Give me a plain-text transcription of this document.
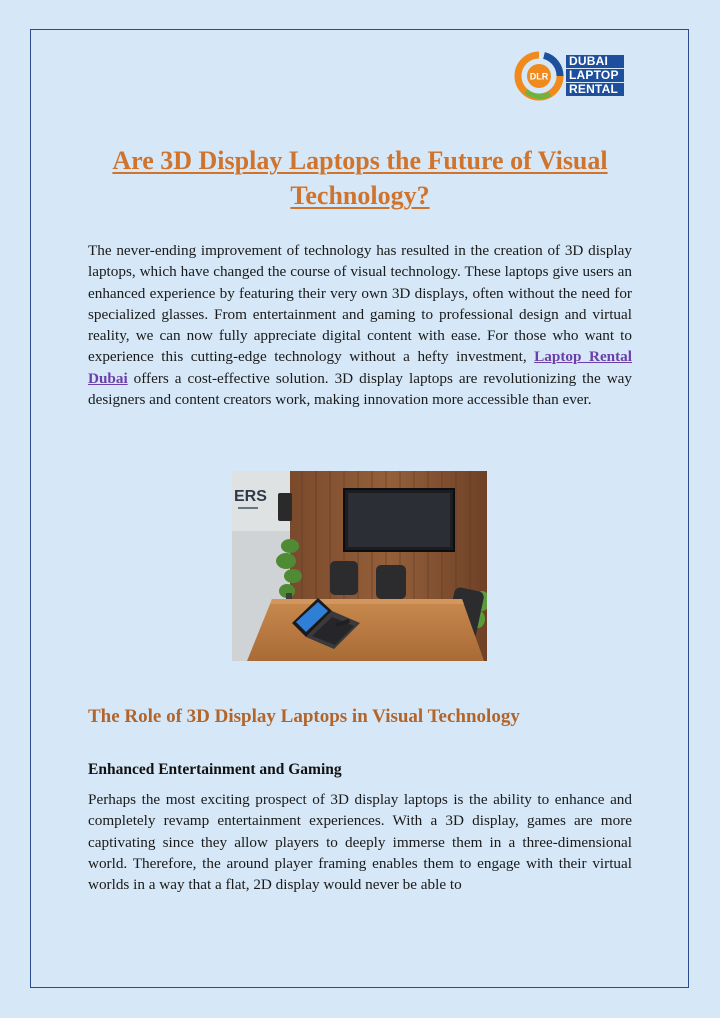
DLR
DUBAI
LAPTOP
RENTAL
Are 3D Display Laptops the Future of Visual Technology?

The never-ending improvement of technology has resulted in the creation of 3D display laptops, which have changed the course of visual technology. These laptops give users an enhanced experience by featuring their very own 3D displays, often without the need for specialized glasses. From entertainment and gaming to professional design and virtual reality, we can now fully appreciate digital content with ease. For those who want to experience this cutting-edge technology without a hefty investment, Laptop Rental Dubai offers a cost-effective solution. 3D display laptops are revolutionizing the way designers and content creators work, making innovation more accessible than ever.

ERS
The Role of 3D Display Laptops in Visual Technology
Enhanced Entertainment and Gaming

Perhaps the most exciting prospect of 3D display laptops is the ability to enhance and completely revamp entertainment experiences. With a 3D display, games are more captivating since they allow players to deeply immerse them in a three-dimensional world. Therefore, the around player framing enables them to engage with their virtual worlds in a way that a flat, 2D display would never be able to
